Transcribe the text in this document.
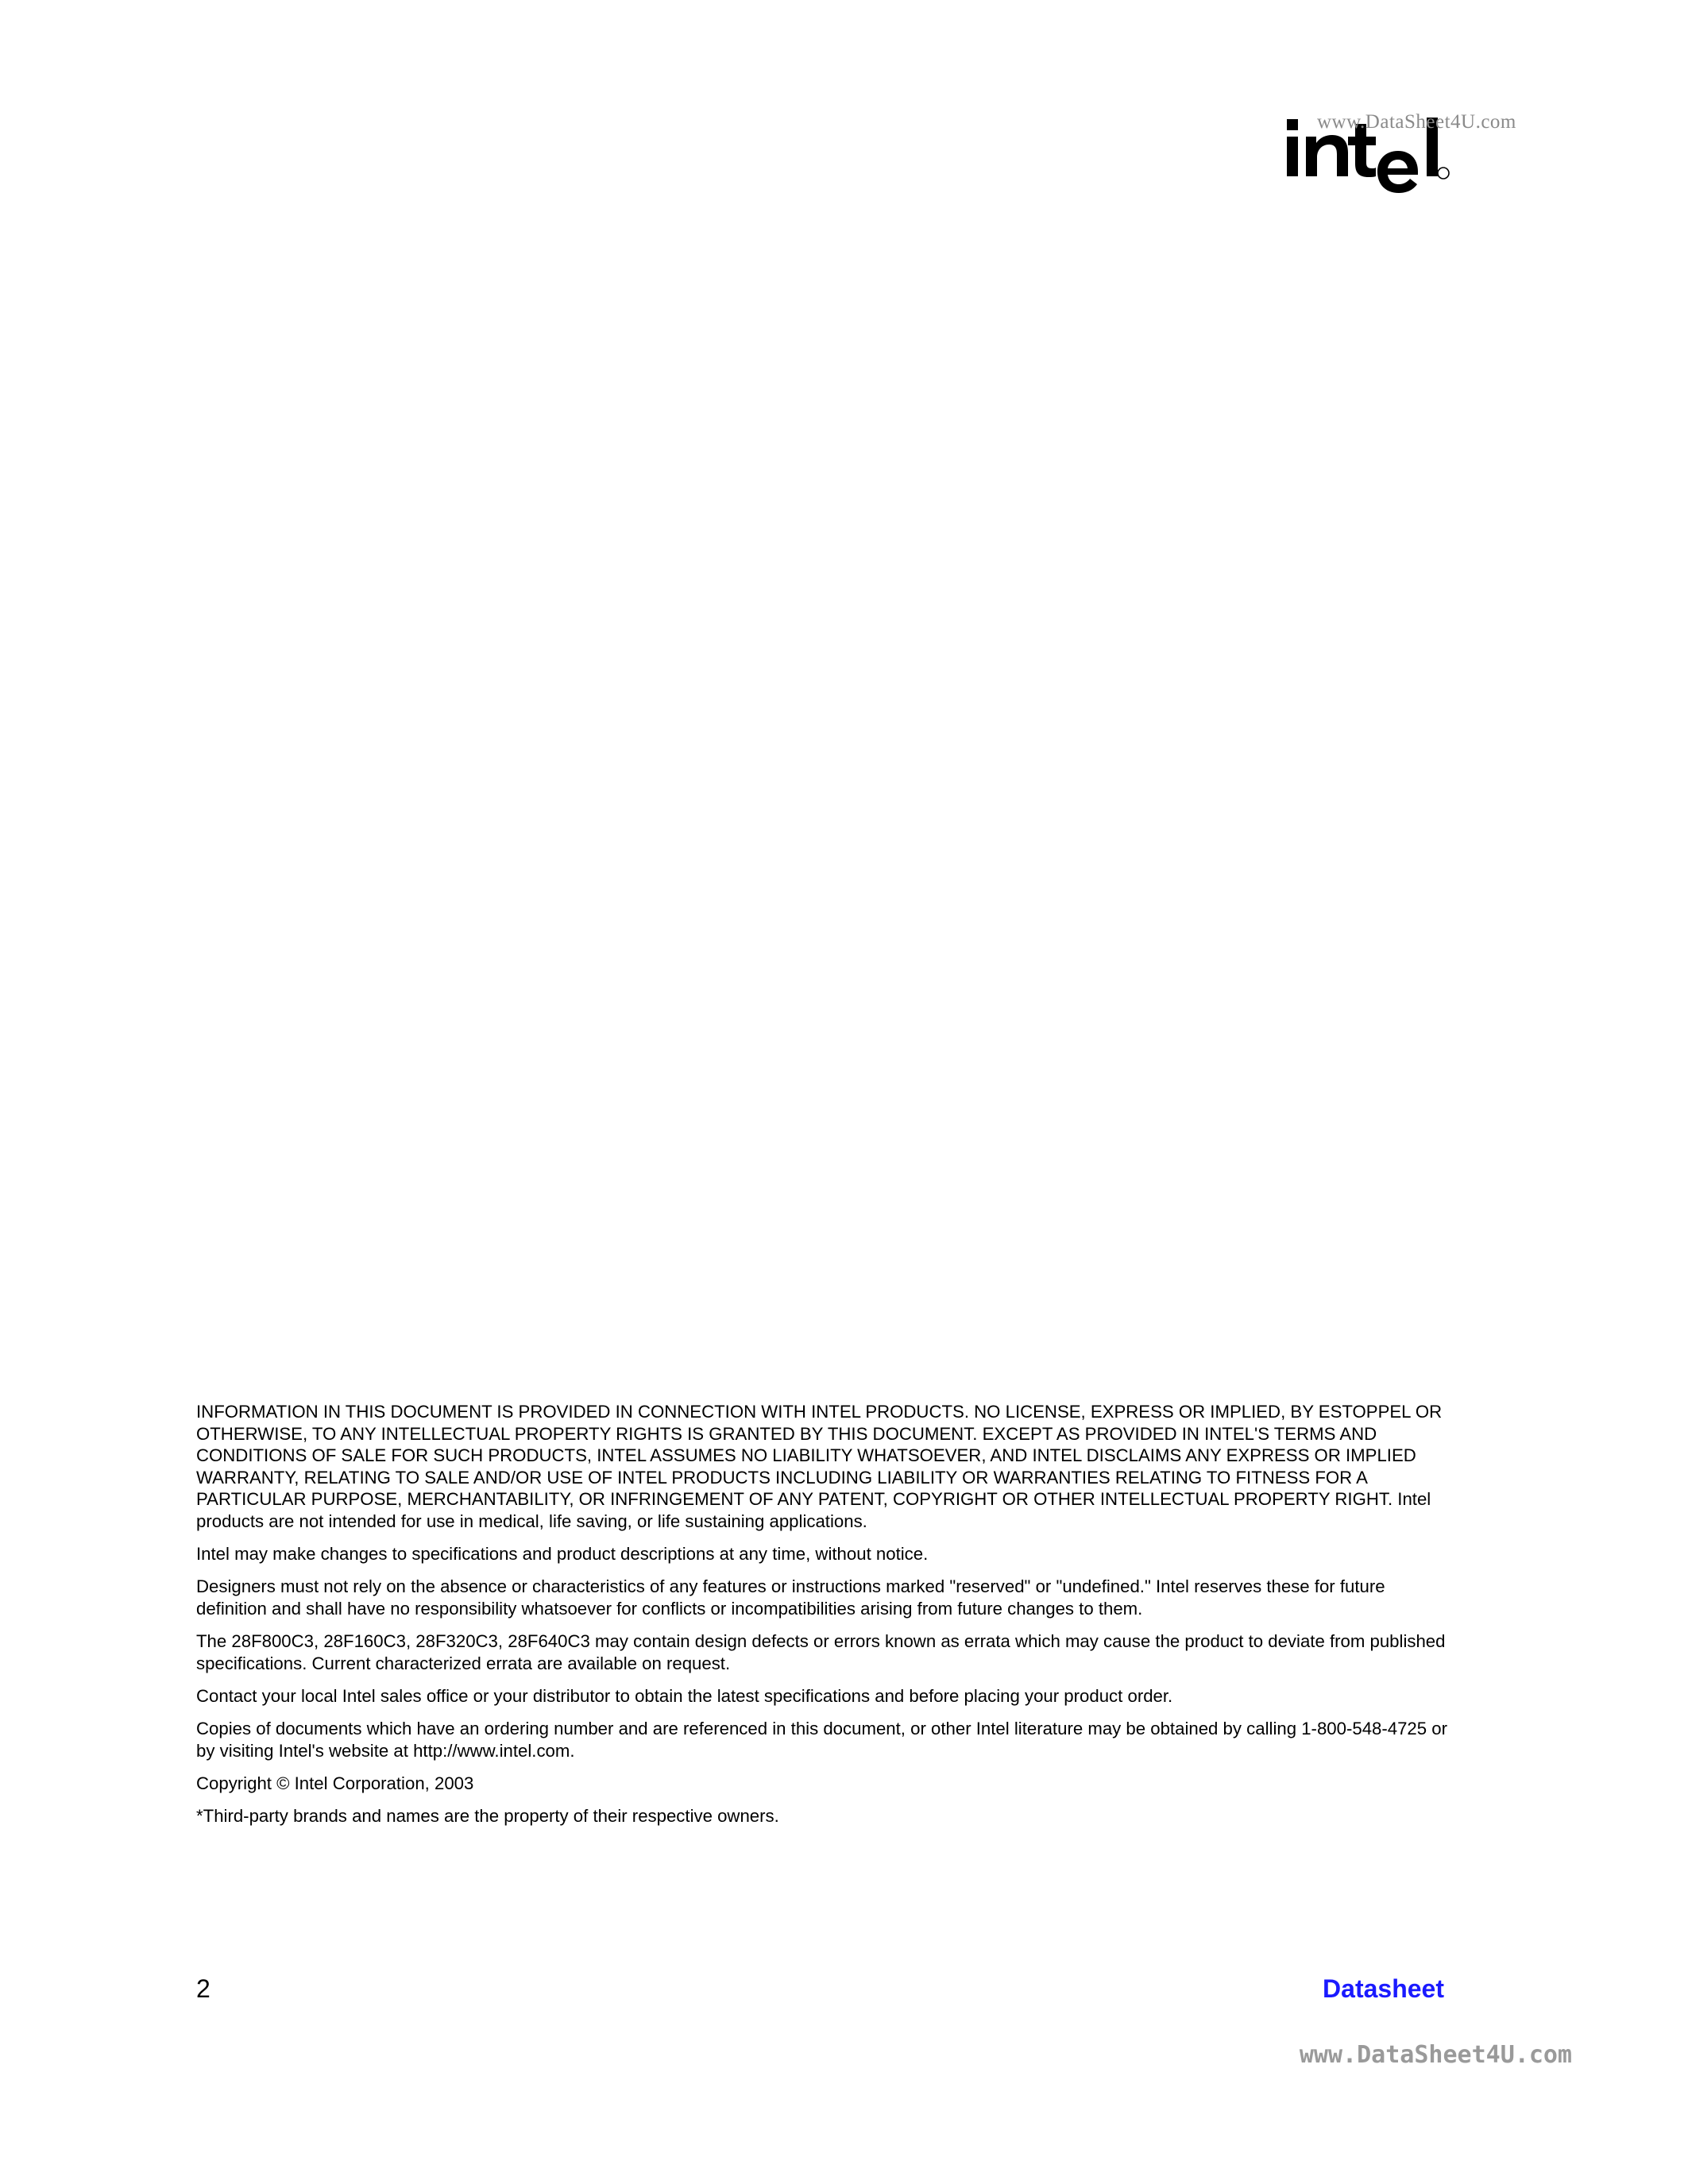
www.DataSheet4U.com

INFORMATION IN THIS DOCUMENT IS PROVIDED IN CONNECTION WITH INTEL PRODUCTS. NO LICENSE, EXPRESS OR IMPLIED, BY ESTOPPEL OR OTHERWISE, TO ANY INTELLECTUAL PROPERTY RIGHTS IS GRANTED BY THIS DOCUMENT. EXCEPT AS PROVIDED IN INTEL'S TERMS AND CONDITIONS OF SALE FOR SUCH PRODUCTS, INTEL ASSUMES NO LIABILITY WHATSOEVER, AND INTEL DISCLAIMS ANY EXPRESS OR IMPLIED WARRANTY, RELATING TO SALE AND/OR USE OF INTEL PRODUCTS INCLUDING LIABILITY OR WARRANTIES RELATING TO FITNESS FOR A PARTICULAR PURPOSE, MERCHANTABILITY, OR INFRINGEMENT OF ANY PATENT, COPYRIGHT OR OTHER INTELLECTUAL PROPERTY RIGHT. Intel products are not intended for use in medical, life saving, or life sustaining applications.

Intel may make changes to specifications and product descriptions at any time, without notice.

Designers must not rely on the absence or characteristics of any features or instructions marked "reserved" or "undefined." Intel reserves these for future definition and shall have no responsibility whatsoever for conflicts or incompatibilities arising from future changes to them.

The 28F800C3, 28F160C3, 28F320C3, 28F640C3 may contain design defects or errors known as errata which may cause the product to deviate from published specifications. Current characterized errata are available on request.

Contact your local Intel sales office or your distributor to obtain the latest specifications and before placing your product order.

Copies of documents which have an ordering number and are referenced in this document, or other Intel literature may be obtained by calling 1-800-548-4725 or by visiting Intel's website at http://www.intel.com.

Copyright © Intel Corporation, 2003

*Third-party brands and names are the property of their respective owners.

2	Datasheet
www.DataSheet4U.com
